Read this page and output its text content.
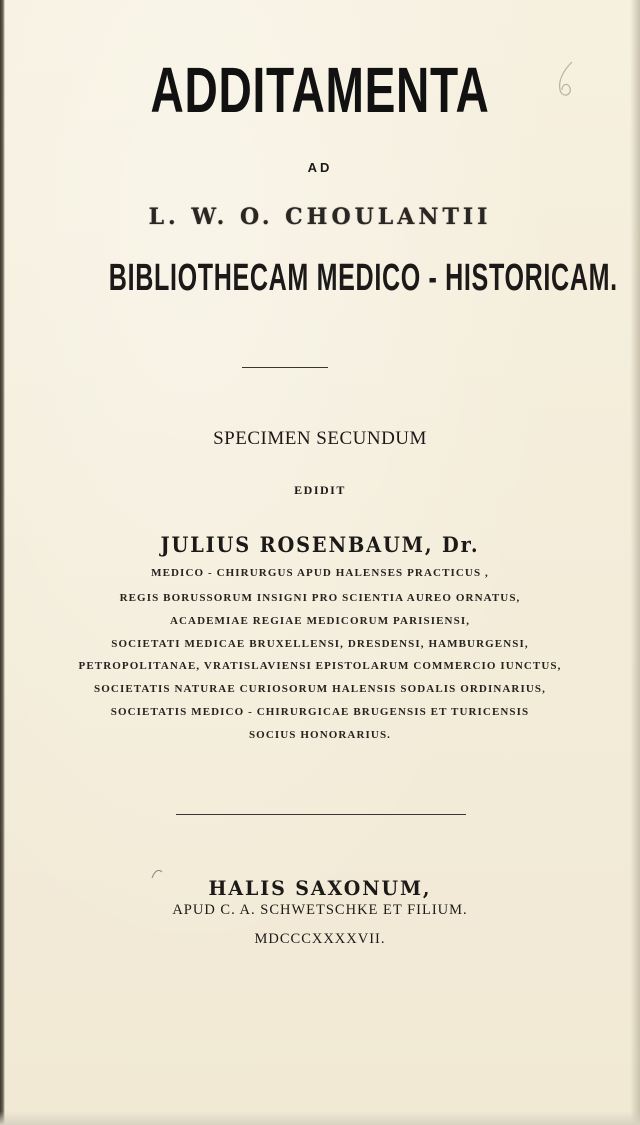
ADDITAMENTA
AD
L. W. O. CHOULANTII
BIBLIOTHECAM MEDICO - HISTORICAM.
SPECIMEN SECUNDUM
EDIDIT
JULIUS ROSENBAUM, Dr.
MEDICO - CHIRURGUS APUD HALENSES PRACTICUS ,
REGIS BORUSSORUM INSIGNI PRO SCIENTIA AUREO ORNATUS,
ACADEMIAE REGIAE MEDICORUM PARISIENSI,
SOCIETATI MEDICAE BRUXELLENSI, DRESDENSI, HAMBURGENSI,
PETROPOLITANAE, VRATISLAVIENSI EPISTOLARUM COMMERCIO IUNCTUS,
SOCIETATIS NATURAE CURIOSORUM HALENSIS SODALIS ORDINARIUS,
SOCIETATIS MEDICO - CHIRURGICAE BRUGENSIS ET TURICENSIS
SOCIUS HONORARIUS.
HALIS SAXONUM,
APUD C. A. SCHWETSCHKE ET FILIUM.
MDCCCXXXXVII.
